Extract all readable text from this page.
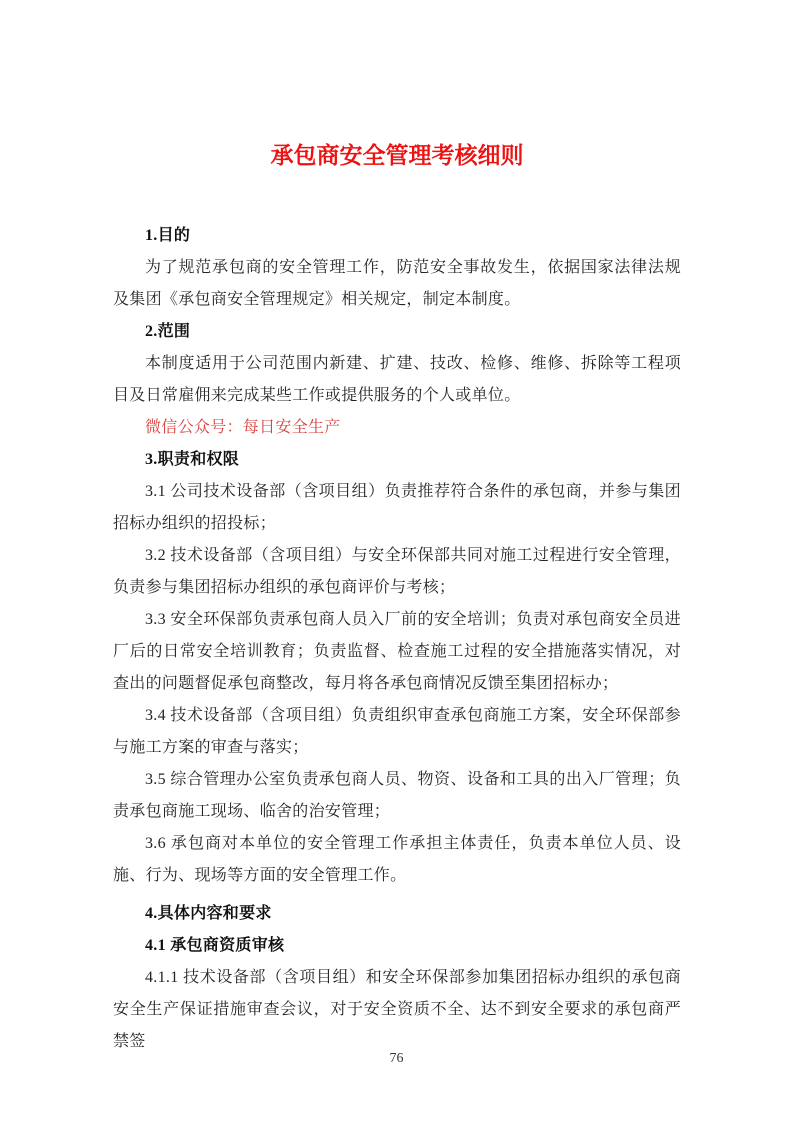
承包商安全管理考核细则

1.目的

为了规范承包商的安全管理工作，防范安全事故发生，依据国家法律法规及集团《承包商安全管理规定》相关规定，制定本制度。

2.范围

本制度适用于公司范围内新建、扩建、技改、检修、维修、拆除等工程项目及日常雇佣来完成某些工作或提供服务的个人或单位。

微信公众号：每日安全生产

3.职责和权限

3.1 公司技术设备部（含项目组）负责推荐符合条件的承包商，并参与集团招标办组织的招投标；

3.2 技术设备部（含项目组）与安全环保部共同对施工过程进行安全管理，负责参与集团招标办组织的承包商评价与考核；

3.3 安全环保部负责承包商人员入厂前的安全培训；负责对承包商安全员进厂后的日常安全培训教育；负责监督、检查施工过程的安全措施落实情况，对查出的问题督促承包商整改，每月将各承包商情况反馈至集团招标办；

3.4 技术设备部（含项目组）负责组织审查承包商施工方案，安全环保部参与施工方案的审查与落实；

3.5 综合管理办公室负责承包商人员、物资、设备和工具的出入厂管理；负责承包商施工现场、临舍的治安管理；

3.6 承包商对本单位的安全管理工作承担主体责任，负责本单位人员、设施、行为、现场等方面的安全管理工作。

4.具体内容和要求

4.1 承包商资质审核

4.1.1 技术设备部（含项目组）和安全环保部参加集团招标办组织的承包商安全生产保证措施审查会议，对于安全资质不全、达不到安全要求的承包商严禁签

76
